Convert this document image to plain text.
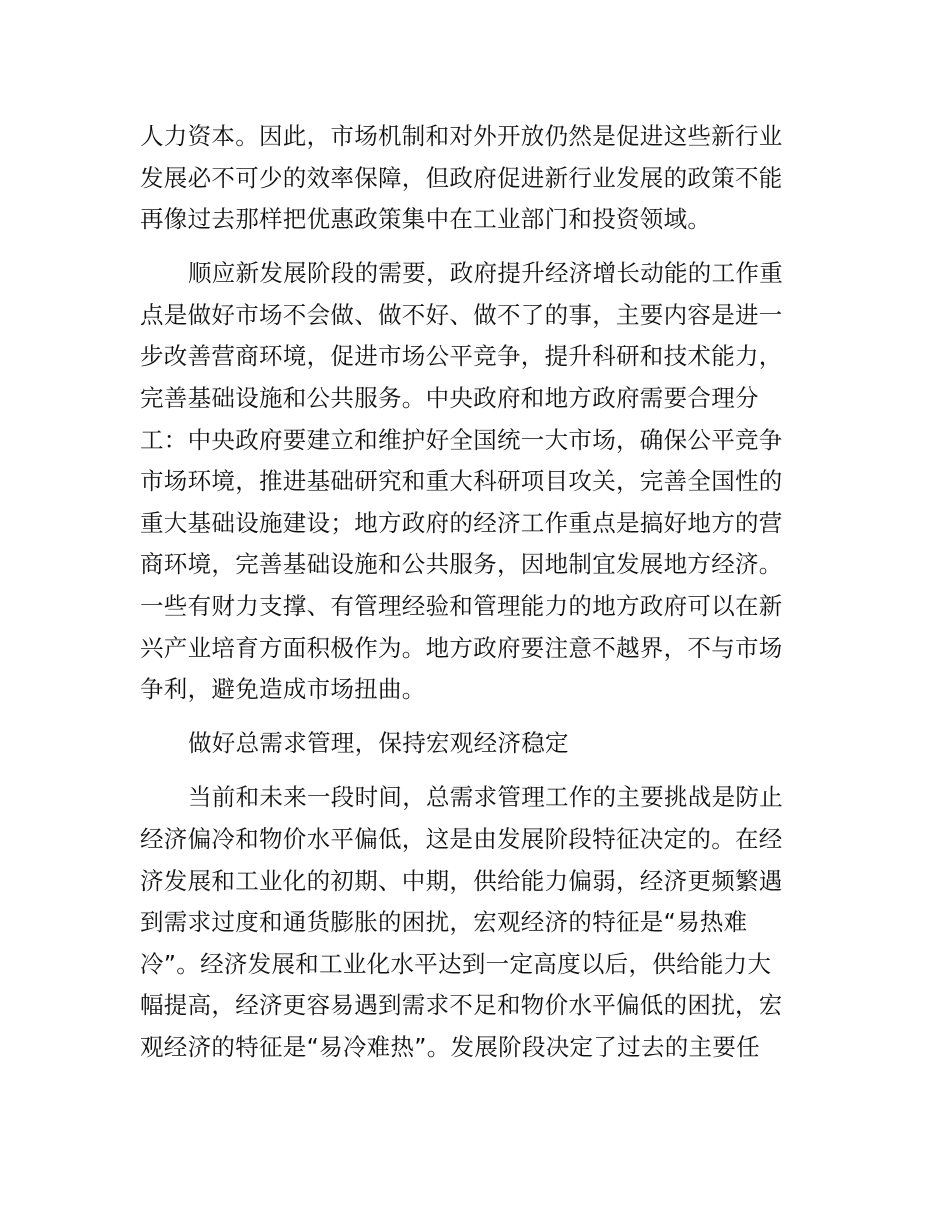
人力资本。因此，市场机制和对外开放仍然是促进这些新行业
发展必不可少的效率保障，但政府促进新行业发展的政策不能
再像过去那样把优惠政策集中在工业部门和投资领域。
顺应新发展阶段的需要，政府提升经济增长动能的工作重
点是做好市场不会做、做不好、做不了的事，主要内容是进一
步改善营商环境，促进市场公平竞争，提升科研和技术能力，
完善基础设施和公共服务。中央政府和地方政府需要合理分
工：中央政府要建立和维护好全国统一大市场，确保公平竞争
市场环境，推进基础研究和重大科研项目攻关，完善全国性的
重大基础设施建设；地方政府的经济工作重点是搞好地方的营
商环境，完善基础设施和公共服务，因地制宜发展地方经济。
一些有财力支撑、有管理经验和管理能力的地方政府可以在新
兴产业培育方面积极作为。地方政府要注意不越界，不与市场
争利，避免造成市场扭曲。
做好总需求管理，保持宏观经济稳定
当前和未来一段时间，总需求管理工作的主要挑战是防止
经济偏冷和物价水平偏低，这是由发展阶段特征决定的。在经
济发展和工业化的初期、中期，供给能力偏弱，经济更频繁遇
到需求过度和通货膨胀的困扰，宏观经济的特征是“易热难
冷”。经济发展和工业化水平达到一定高度以后，供给能力大
幅提高，经济更容易遇到需求不足和物价水平偏低的困扰，宏
观经济的特征是“易冷难热”。发展阶段决定了过去的主要任
